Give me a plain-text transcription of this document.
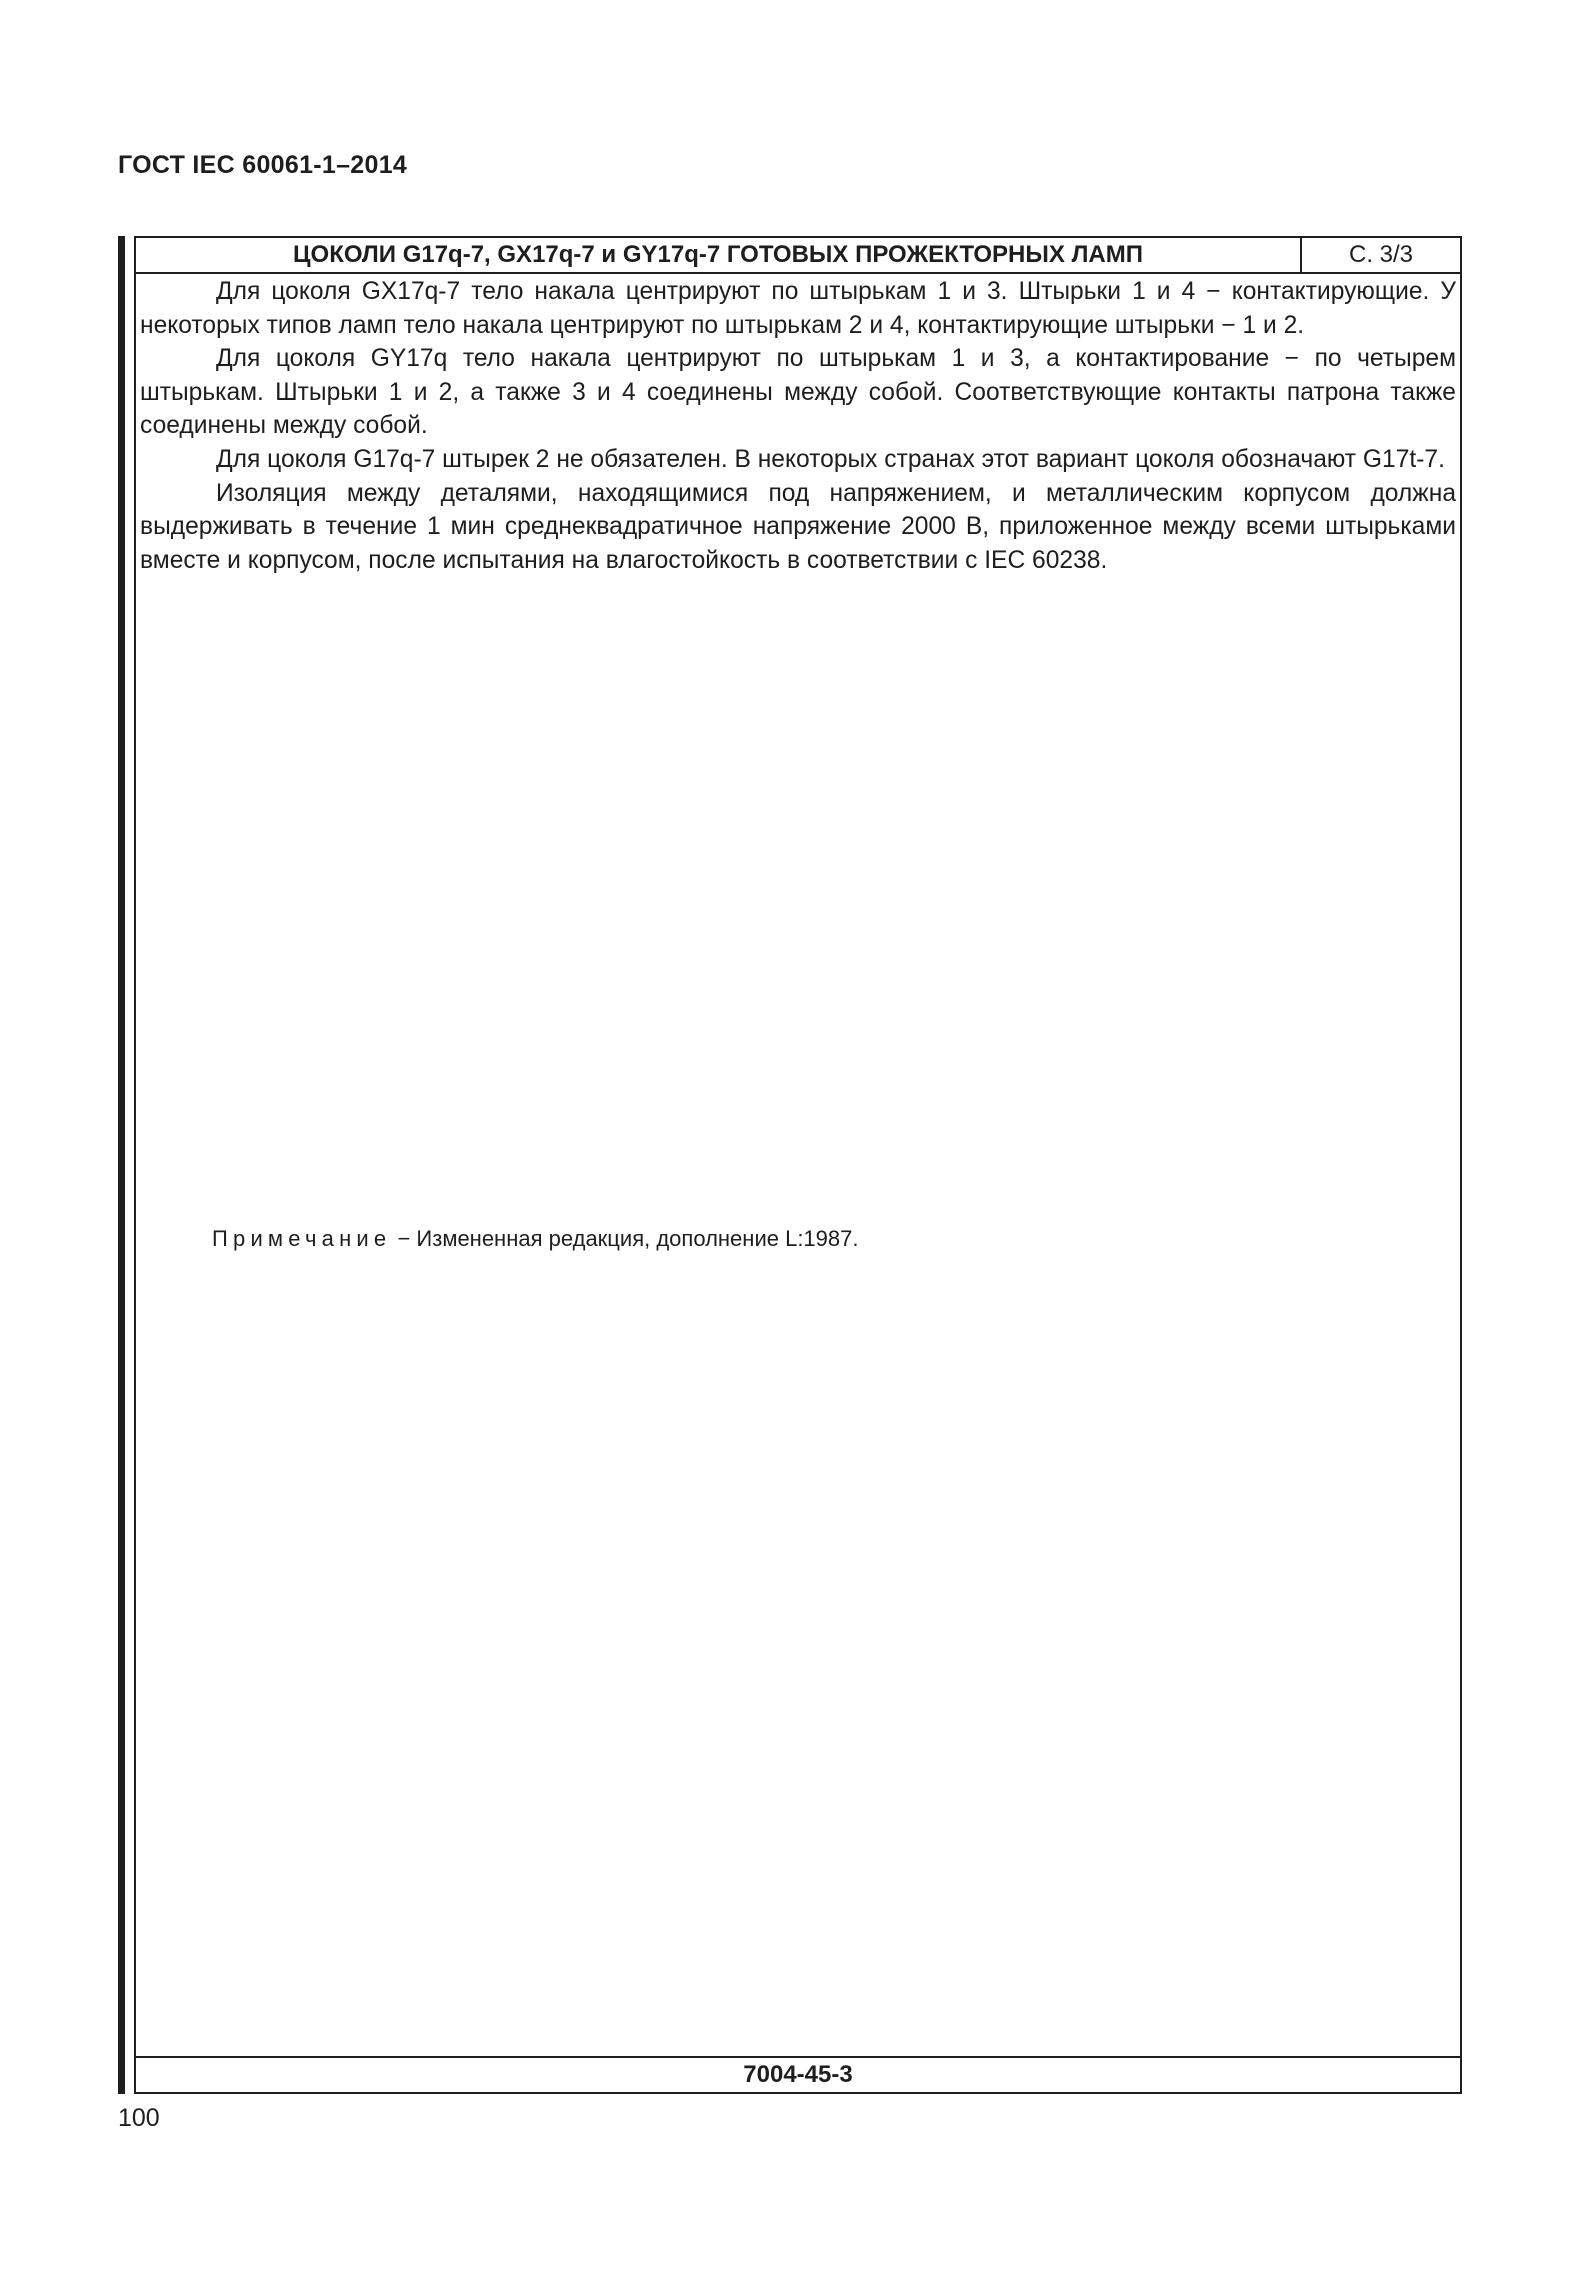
ГОСТ IEC 60061-1–2014
ЦОКОЛИ G17q-7, GX17q-7 и GY17q-7 ГОТОВЫХ ПРОЖЕКТОРНЫХ ЛАМП	С. 3/3

Для цоколя GX17q-7 тело накала центрируют по штырькам 1 и 3. Штырьки 1 и 4 − контактирующие. У некоторых типов ламп тело накала центрируют по штырькам 2 и 4, контактирующие штырьки − 1 и 2.

Для цоколя GY17q тело накала центрируют по штырькам 1 и 3, а контактирование − по четырем штырькам. Штырьки 1 и 2, а также 3 и 4 соединены между собой. Соответствующие контакты патрона также соединены между собой.

Для цоколя G17q-7 штырек 2 не обязателен. В некоторых странах этот вариант цоколя обозначают G17t-7.

Изоляция между деталями, находящимися под напряжением, и металлическим корпусом должна выдерживать в течение 1 мин среднеквадратичное напряжение 2000 В, приложенное между всеми штырьками вместе и корпусом, после испытания на влагостойкость в соответствии с IEC 60238.

Примечание − Измененная редакция, дополнение L:1987.
7004-45-3
100
